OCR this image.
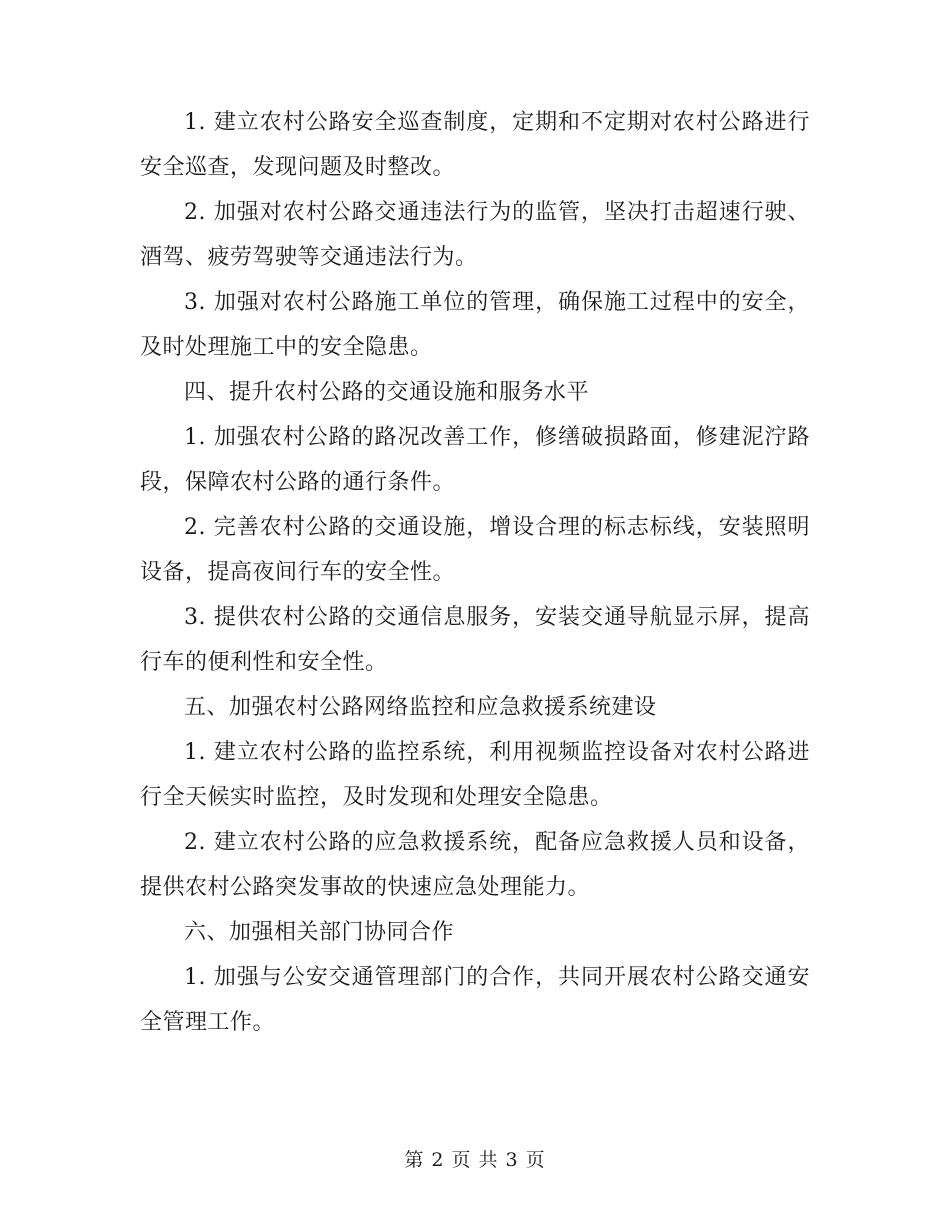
1. 建立农村公路安全巡查制度，定期和不定期对农村公路进行安全巡查，发现问题及时整改。

2. 加强对农村公路交通违法行为的监管，坚决打击超速行驶、酒驾、疲劳驾驶等交通违法行为。

3. 加强对农村公路施工单位的管理，确保施工过程中的安全，及时处理施工中的安全隐患。

四、提升农村公路的交通设施和服务水平

1. 加强农村公路的路况改善工作，修缮破损路面，修建泥泞路段，保障农村公路的通行条件。

2. 完善农村公路的交通设施，增设合理的标志标线，安装照明设备，提高夜间行车的安全性。

3. 提供农村公路的交通信息服务，安装交通导航显示屏，提高行车的便利性和安全性。

五、加强农村公路网络监控和应急救援系统建设

1. 建立农村公路的监控系统，利用视频监控设备对农村公路进行全天候实时监控，及时发现和处理安全隐患。

2. 建立农村公路的应急救援系统，配备应急救援人员和设备，提供农村公路突发事故的快速应急处理能力。

六、加强相关部门协同合作

1. 加强与公安交通管理部门的合作，共同开展农村公路交通安全管理工作。

第 2 页 共 3 页
